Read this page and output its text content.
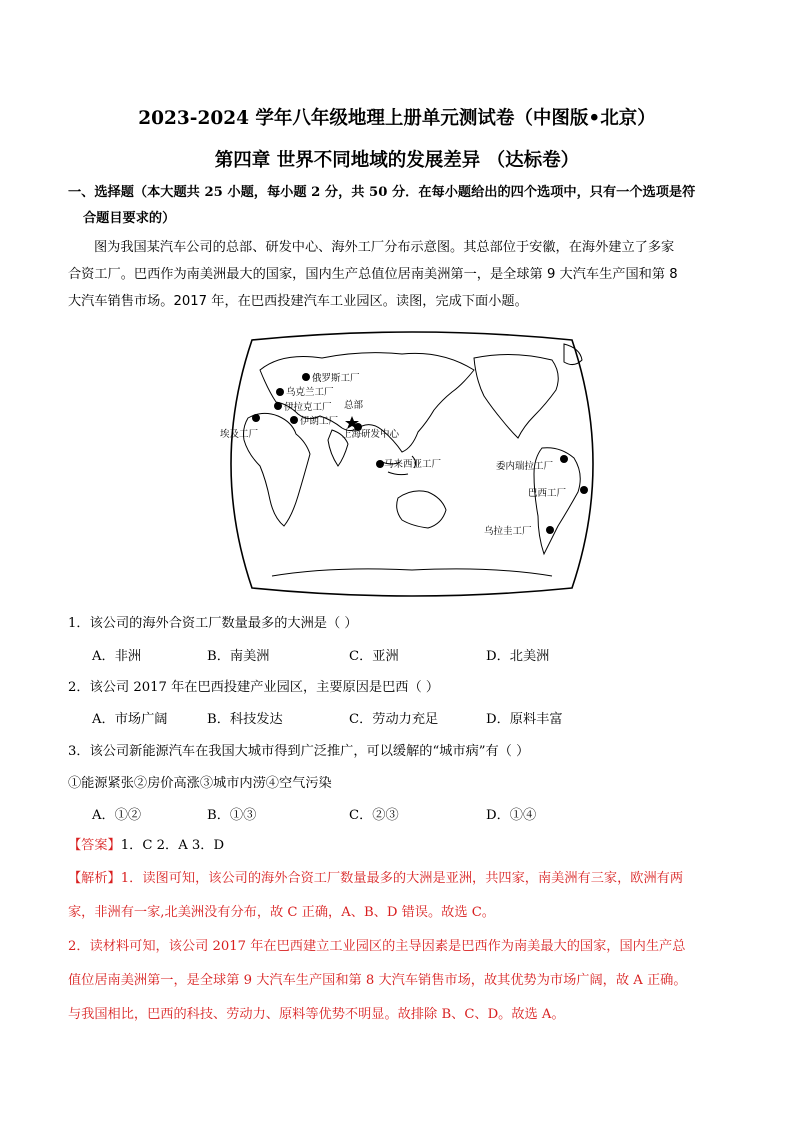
2023-2024 学年八年级地理上册单元测试卷（中图版•北京）
第四章 世界不同地域的发展差异 （达标卷）
一、选择题（本大题共 25 小题，每小题 2 分，共 50 分．在每小题给出的四个选项中，只有一个选项是符
合题目要求的）
图为我国某汽车公司的总部、研发中心、海外工厂分布示意图。其总部位于安徽，在海外建立了多家
合资工厂。巴西作为南美洲最大的国家，国内生产总值位居南美洲第一，是全球第 9 大汽车生产国和第 8
大汽车销售市场。2017 年，在巴西投建汽车工业园区。读图，完成下面小题。
俄罗斯工厂
乌克兰工厂
伊拉克工厂 总部
埃及工厂
伊朗工厂
上海研发中心
马来西亚工厂	委内瑞拉工厂
巴西工厂
乌拉圭工厂
1．该公司的海外合资工厂数量最多的大洲是（ ）
A．非洲	B．南美洲	C．亚洲	D．北美洲
2．该公司 2017 年在巴西投建产业园区，主要原因是巴西（ ）
A．市场广阔	B．科技发达	C．劳动力充足	D．原料丰富
3．该公司新能源汽车在我国大城市得到广泛推广，可以缓解的“城市病”有（ ）
①能源紧张②房价高涨③城市内涝④空气污染
A．①②	B．①③	C．②③	D．①④
【答案】1．C 2．A 3．D
【解析】1．读图可知，该公司的海外合资工厂数量最多的大洲是亚洲，共四家，南美洲有三家，欧洲有两
家，非洲有一家,北美洲没有分布，故 C 正确，A、B、D 错误。故选 C。
2．读材料可知，该公司 2017 年在巴西建立工业园区的主导因素是巴西作为南美最大的国家，国内生产总
值位居南美洲第一，是全球第 9 大汽车生产国和第 8 大汽车销售市场，故其优势为市场广阔，故 A 正确。
与我国相比，巴西的科技、劳动力、原料等优势不明显。故排除 B、C、D。故选 A。
